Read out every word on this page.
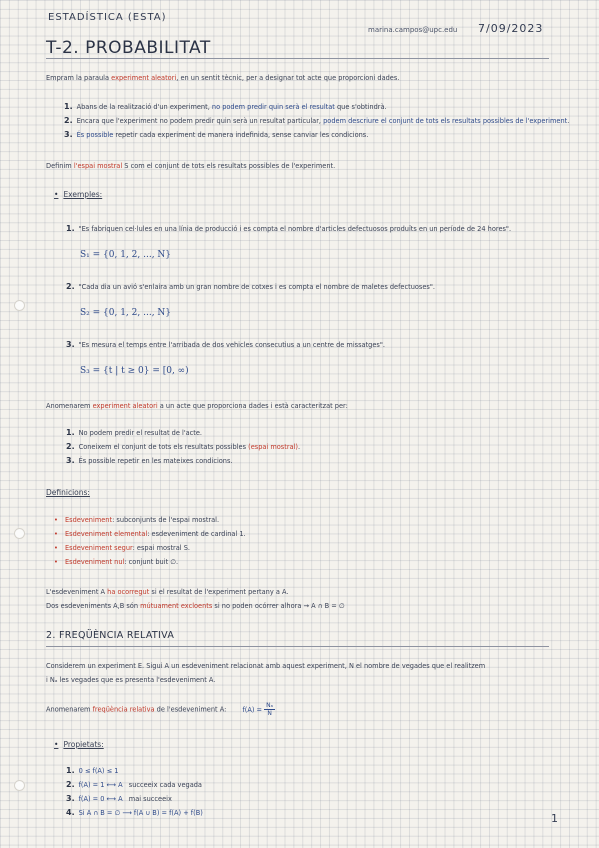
ESTADÍSTICA (ESTA)
marina.campos@upc.edu 7/09/2023
T-2. PROBABILITAT
Empram la paraula experiment aleatori, en un sentit tècnic, per a designar tot acte que proporcioni dades.
1. Abans de la realització d'un experiment, no podem predir quin serà el resultat que s'obtindrà.
2. Encara que l'experiment no podem predir quin serà un resultat particular, podem descriure el conjunt de tots els resultats possibles de l'experiment.
3. És possible repetir cada experiment de manera indefinida, sense canviar les condicions.
Definim l'espai mostral S com el conjunt de tots els resultats possibles de l'experiment.
• Exemples:
1. "Es fabriquen cel·lules en una línia de producció i es compta el nombre d'articles defectuosos produïts en un període de 24 hores".
S₁ = {0, 1, 2, ..., N}
2. "Cada dia un avió s'enlaira amb un gran nombre de cotxes i es compta el nombre de maletes defectuoses".
S₂ = {0, 1, 2, ..., N}
3. "Es mesura el temps entre l'arribada de dos vehicles consecutius a un centre de missatges".
S₃ = {t | t ≥ 0} = [0, ∞)
Anomenarem experiment aleatori a un acte que proporciona dades i està caracteritzat per:
1. No podem predir el resultat de l'acte.
2. Coneixem el conjunt de tots els resultats possibles (espai mostral).
3. És possible repetir en les mateixes condicions.
Definicions:
• Esdeveniment: subconjunts de l'espai mostral.
• Esdeveniment elemental: esdeveniment de cardinal 1.
• Esdeveniment segur: espai mostral S.
• Esdeveniment nul: conjunt buit ∅.
L'esdeveniment A ha ocorregut si el resultat de l'experiment pertany a A.
Dos esdeveniments A,B són mútuament excloents si no poden ocórrer alhora → A ∩ B = ∅
2. FREQÜÈNCIA RELATIVA
Considerem un experiment E. Sigui A un esdeveniment relacionat amb aquest experiment, N el nombre de vegades que el realitzem
i Nₐ les vegades que es presenta l'esdeveniment A.
Anomenarem freqüència relativa de l'esdeveniment A: $f(A) = \frac{\text{Nₐ}}{N}$
• Propietats:
1. 0 ≤ f(A) ≤ 1
2. f(A) = 1 ⟷ A succeeix cada vegada
3. f(A) = 0 ⟷ A mai succeeix
4. Si A ∩ B = ∅ ⟶ f(A ∪ B) = f(A) + f(B)	1
